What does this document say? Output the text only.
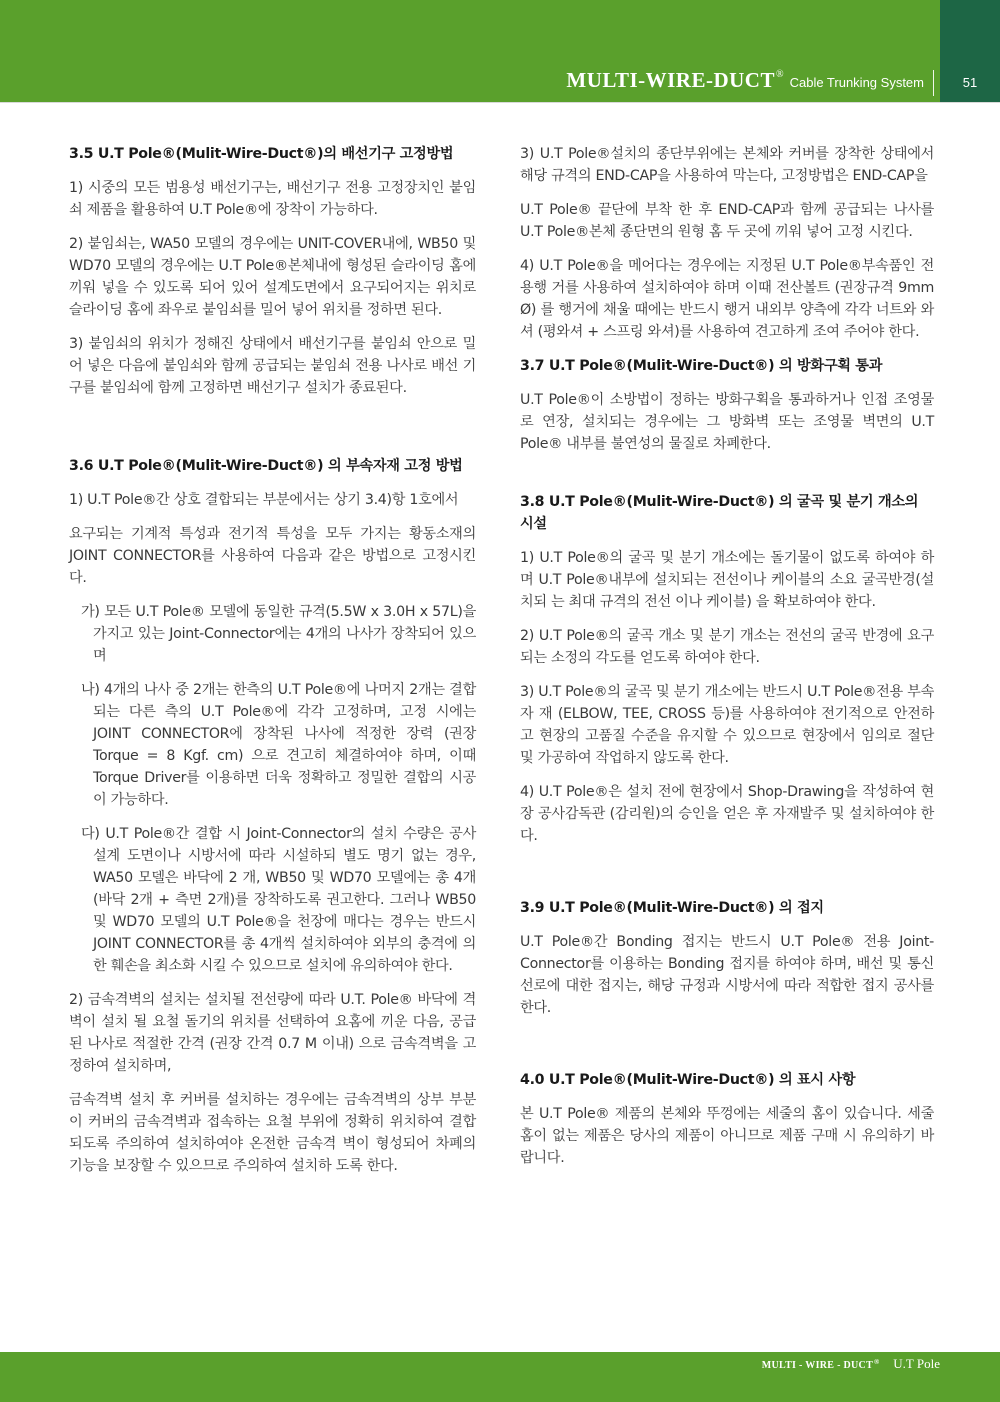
MULTI-WIRE-DUCT ®
Cable Trunking System	51
3.5 U.T Pole®(Mulit-Wire-Duct®)의 배선기구 고정방법

1) 시중의 모든 범용성 배선기구는, 배선기구 전용 고정장치인 붙임쇠 제품을 활용하여 U.T Pole®에 장착이 가능하다.

2) 붙임쇠는, WA50 모델의 경우에는 UNIT-COVER내에, WB50 및 WD70 모델의 경우에는 U.T Pole®본체내에 형성된 슬라이딩 홈에 끼워 넣을 수 있도록 되어 있어 설계도면에서 요구되어지는 위치로 슬라이딩 홈에 좌우로 붙임쇠를 밀어 넣어 위치를 정하면 된다.

3) 붙임쇠의 위치가 정해진 상태에서 배선기구를 붙임쇠 안으로 밀어 넣은 다음에 붙임쇠와 함께 공급되는 붙임쇠 전용 나사로 배선 기구를 붙임쇠에 함께 고정하면 배선기구 설치가 종료된다.

3.6 U.T Pole®(Mulit-Wire-Duct®) 의 부속자재 고정 방법

1) U.T Pole®간 상호 결합되는 부분에서는 상기 3.4)항 1호에서

요구되는 기계적 특성과 전기적 특성을 모두 가지는 황동소재의 JOINT CONNECTOR를 사용하여 다음과 같은 방법으로 고정시킨다.

가) 모든 U.T Pole® 모델에 동일한 규격(5.5W x 3.0H x 57L)을 가지고 있는 Joint-Connector에는 4개의 나사가 장착되어 있으며

나) 4개의 나사 중 2개는 한측의 U.T Pole®에 나머지 2개는 결합 되는 다른 측의 U.T Pole®에 각각 고정하며, 고정 시에는 JOINT CONNECTOR에 장착된 나사에 적정한 장력 (권장 Torque = 8 Kgf. cm) 으로 견고히 체결하여야 하며, 이때 Torque Driver를 이용하면 더욱 정확하고 정밀한 결합의 시공이 가능하다.

다) U.T Pole®간 결합 시 Joint-Connector의 설치 수량은 공사 설계 도면이나 시방서에 따라 시설하되 별도 명기 없는 경우, WA50 모델은 바닥에 2 개, WB50 및 WD70 모델에는 총 4개 (바닥 2개 + 측면 2개)를 장착하도록 권고한다. 그러나 WB50 및 WD70 모델의 U.T Pole®을 천장에 매다는 경우는 반드시 JOINT CONNECTOR를 총 4개씩 설치하여야 외부의 충격에 의한 훼손을 최소화 시킬 수 있으므로 설치에 유의하여야 한다.

2) 금속격벽의 설치는 설치될 전선량에 따라 U.T. Pole® 바닥에 격벽이 설치 될 요철 돌기의 위치를 선택하여 요홈에 끼운 다음, 공급된 나사로 적절한 간격 (권장 간격 0.7 M 이내) 으로 금속격벽을 고정하여 설치하며,

금속격벽 설치 후 커버를 설치하는 경우에는 금속격벽의 상부 부분이 커버의 금속격벽과 접속하는 요철 부위에 정확히 위치하여 결합되도록 주의하여 설치하여야 온전한 금속격 벽이 형성되어 차폐의 기능을 보장할 수 있으므로 주의하여 설치하 도록 한다.

3) U.T Pole®설치의 종단부위에는 본체와 커버를 장착한 상태에서 해당 규격의 END-CAP을 사용하여 막는다, 고정방법은 END-CAP을

U.T Pole® 끝단에 부착 한 후 END-CAP과 함께 공급되는 나사를 U.T Pole®본체 종단면의 원형 홈 두 곳에 끼워 넣어 고정 시킨다.

4) U.T Pole®을 메어다는 경우에는 지정된 U.T Pole®부속품인 전용행 거를 사용하여 설치하여야 하며 이때 전산볼트 (권장규격 9mm Ø) 를 행거에 채울 때에는 반드시 행거 내외부 양측에 각각 너트와 와셔 (평와셔 + 스프링 와셔)를 사용하여 견고하게 조여 주어야 한다.

3.7 U.T Pole®(Mulit-Wire-Duct®) 의 방화구획 통과

U.T Pole®이 소방법이 정하는 방화구획을 통과하거나 인접 조영물로 연장, 설치되는 경우에는 그 방화벽 또는 조영물 벽면의 U.T Pole® 내부를 불연성의 물질로 차폐한다.

3.8 U.T Pole®(Mulit-Wire-Duct®) 의 굴곡 및 분기 개소의 시설

1) U.T Pole®의 굴곡 및 분기 개소에는 돌기물이 없도록 하여야 하며 U.T Pole®내부에 설치되는 전선이나 케이블의 소요 굴곡반경(설치되 는 최대 규격의 전선 이나 케이블) 을 확보하여야 한다.

2) U.T Pole®의 굴곡 개소 및 분기 개소는 전선의 굴곡 반경에 요구 되는 소정의 각도를 얻도록 하여야 한다.

3) U.T Pole®의 굴곡 및 분기 개소에는 반드시 U.T Pole®전용 부속자 재 (ELBOW, TEE, CROSS 등)를 사용하여야 전기적으로 안전하고 현장의 고품질 수준을 유지할 수 있으므로 현장에서 임의로 절단 및 가공하여 작업하지 않도록 한다.

4) U.T Pole®은 설치 전에 현장에서 Shop-Drawing을 작성하여 현장 공사감독관 (감리원)의 승인을 얻은 후 자재발주 및 설치하여야 한다.

3.9 U.T Pole®(Mulit-Wire-Duct®) 의 접지

U.T Pole®간 Bonding 접지는 반드시 U.T Pole® 전용 Joint-Connector를 이용하는 Bonding 접지를 하여야 하며, 배선 및 통신선로에 대한 접지는, 해당 규정과 시방서에 따라 적합한 접지 공사를 한다.

4.0 U.T Pole®(Mulit-Wire-Duct®) 의 표시 사항

본 U.T Pole® 제품의 본체와 뚜껑에는 세줄의 홈이 있습니다. 세줄홈이 없는 제품은 당사의 제품이 아니므로 제품 구매 시 유의하기 바랍니다.

MULTI - WIRE - DUCT ® U.T Pole
